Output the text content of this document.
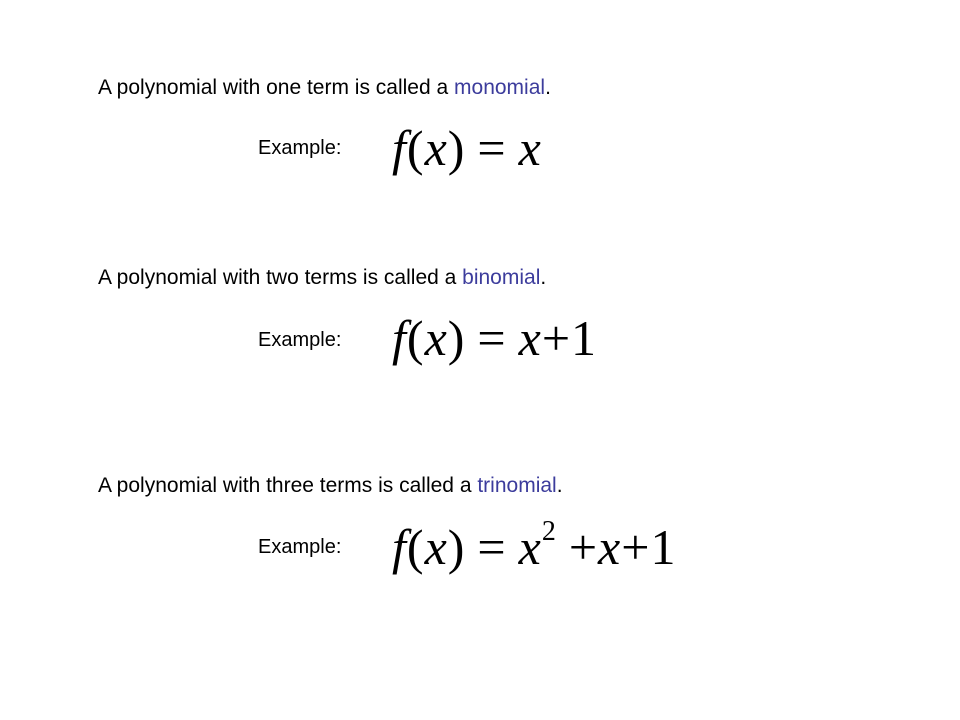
A polynomial with one term is called a monomial.
Example: f(x) = x
A polynomial with two terms is called a binomial.
Example: f(x) = x+1
A polynomial with three terms is called a trinomial.
Example: $f(x) = x^2 +x+1$
